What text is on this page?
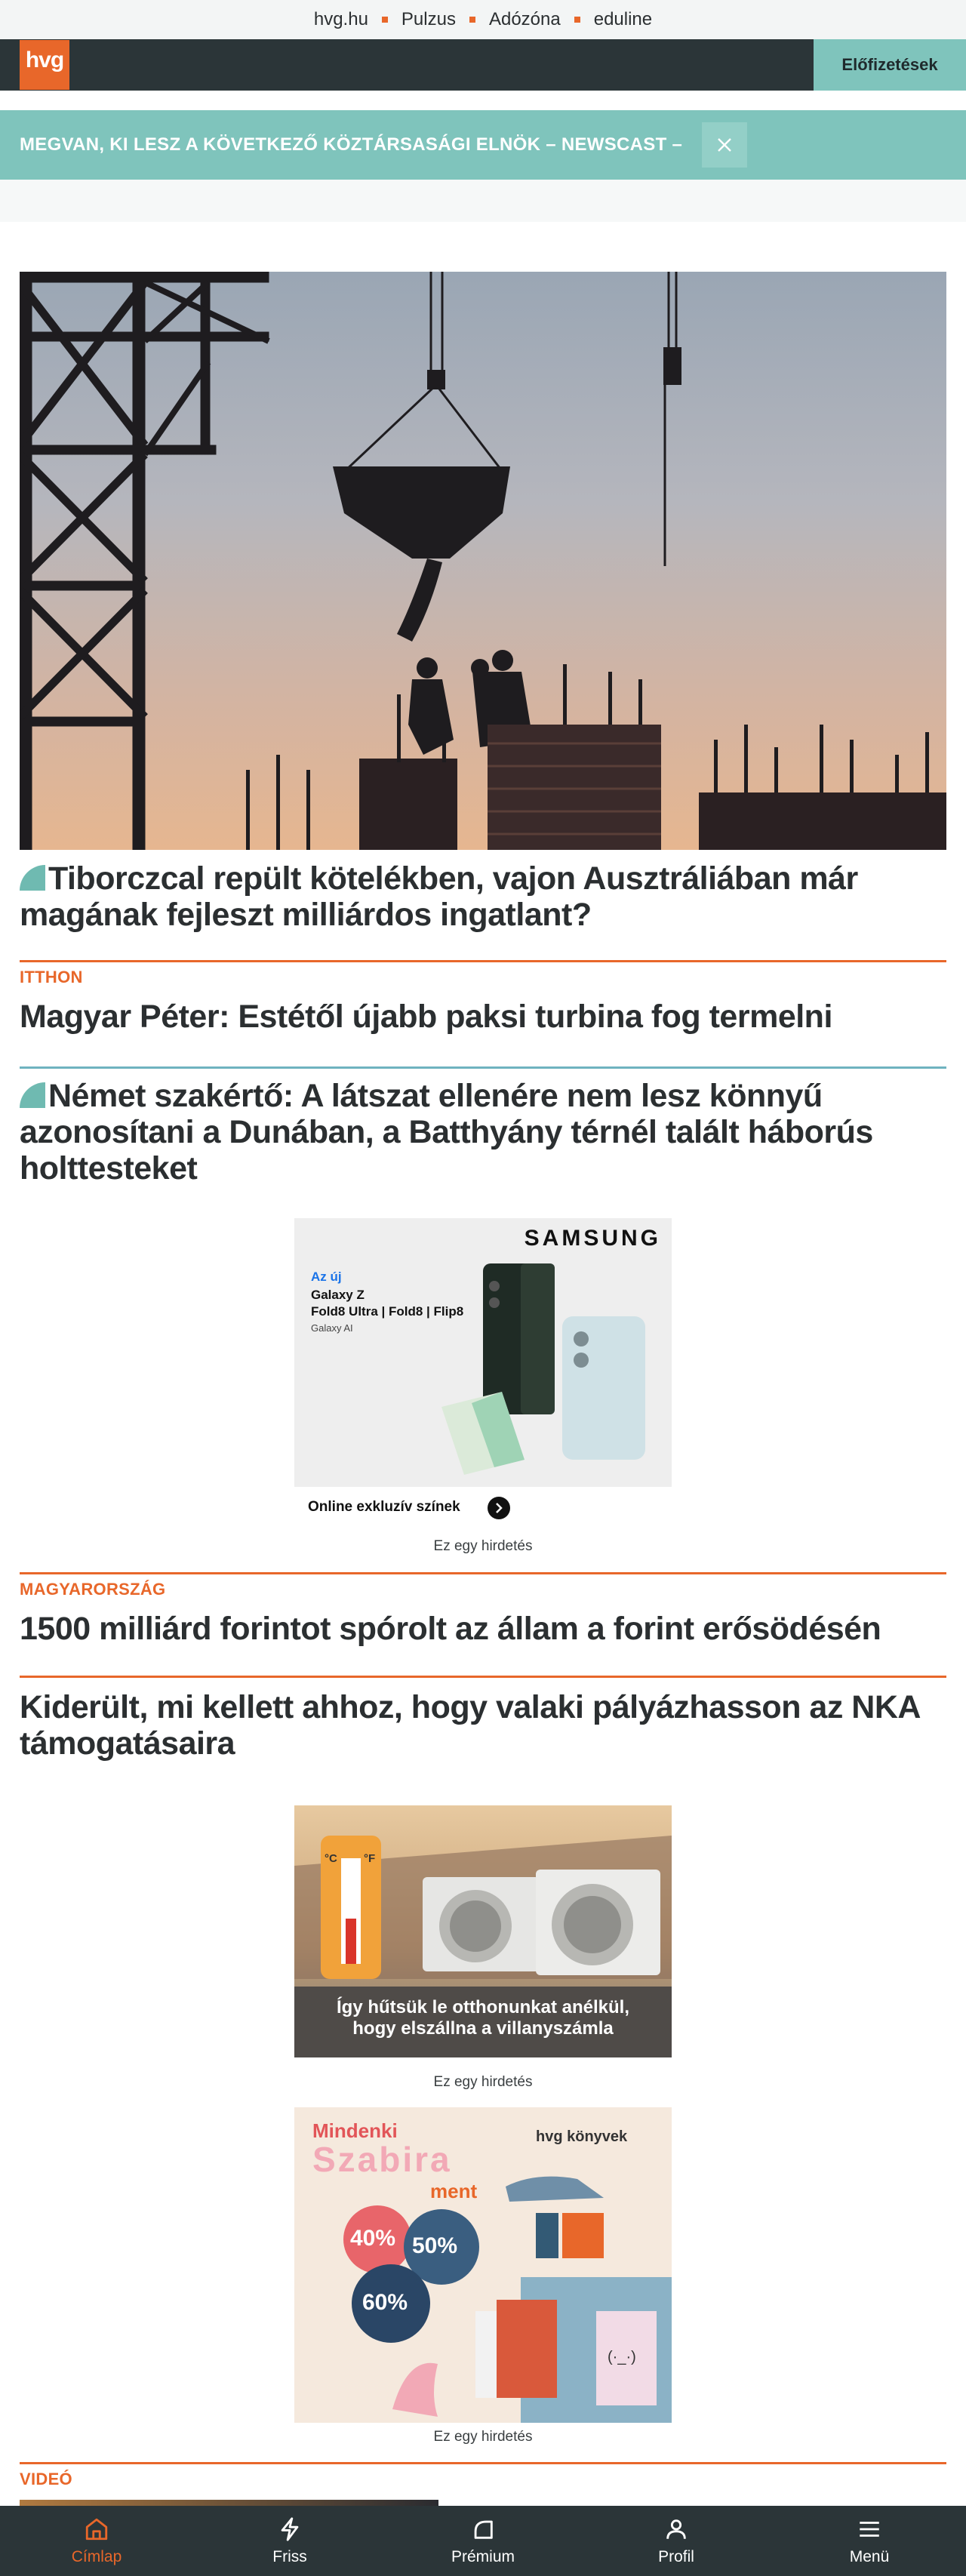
hvg.hu	Pulzus	Adózóna	eduline
hvg	Előfizetések
MEGVAN, KI LESZ A KÖVETKEZŐ KÖZTÁRSASÁGI ELNÖK – NEWSCAST –
Tiborczcal repült kötelékben, vajon Ausztráliában már magának fejleszt milliárdos ingatlant?
ITTHON
Magyar Péter: Estétől újabb paksi turbina fog termelni
Német szakértő: A látszat ellenére nem lesz könnyű azonosítani a Dunában, a Batthyány térnél talált háborús holttesteket
SAMSUNG
Az új
Galaxy Z
Fold8 Ultra | Fold8 | Flip8
Galaxy AI
Online exkluzív színek
Ez egy hirdetés
MAGYARORSZÁG
1500 milliárd forintot spórolt az állam a forint erősödésén
Kiderült, mi kellett ahhoz, hogy valaki pályázhasson az NKA támogatásaira
°C °F
Így hűtsük le otthonunkat anélkül, hogy elszállna a villanyszámla
Ez egy hirdetés
Mindenki
Szabira
ment
hvg könyvek
40% 50%
60%
(·_·)
Ez egy hirdetés
VIDEÓ
Címlap	Friss	Prémium	Profil	Menü
